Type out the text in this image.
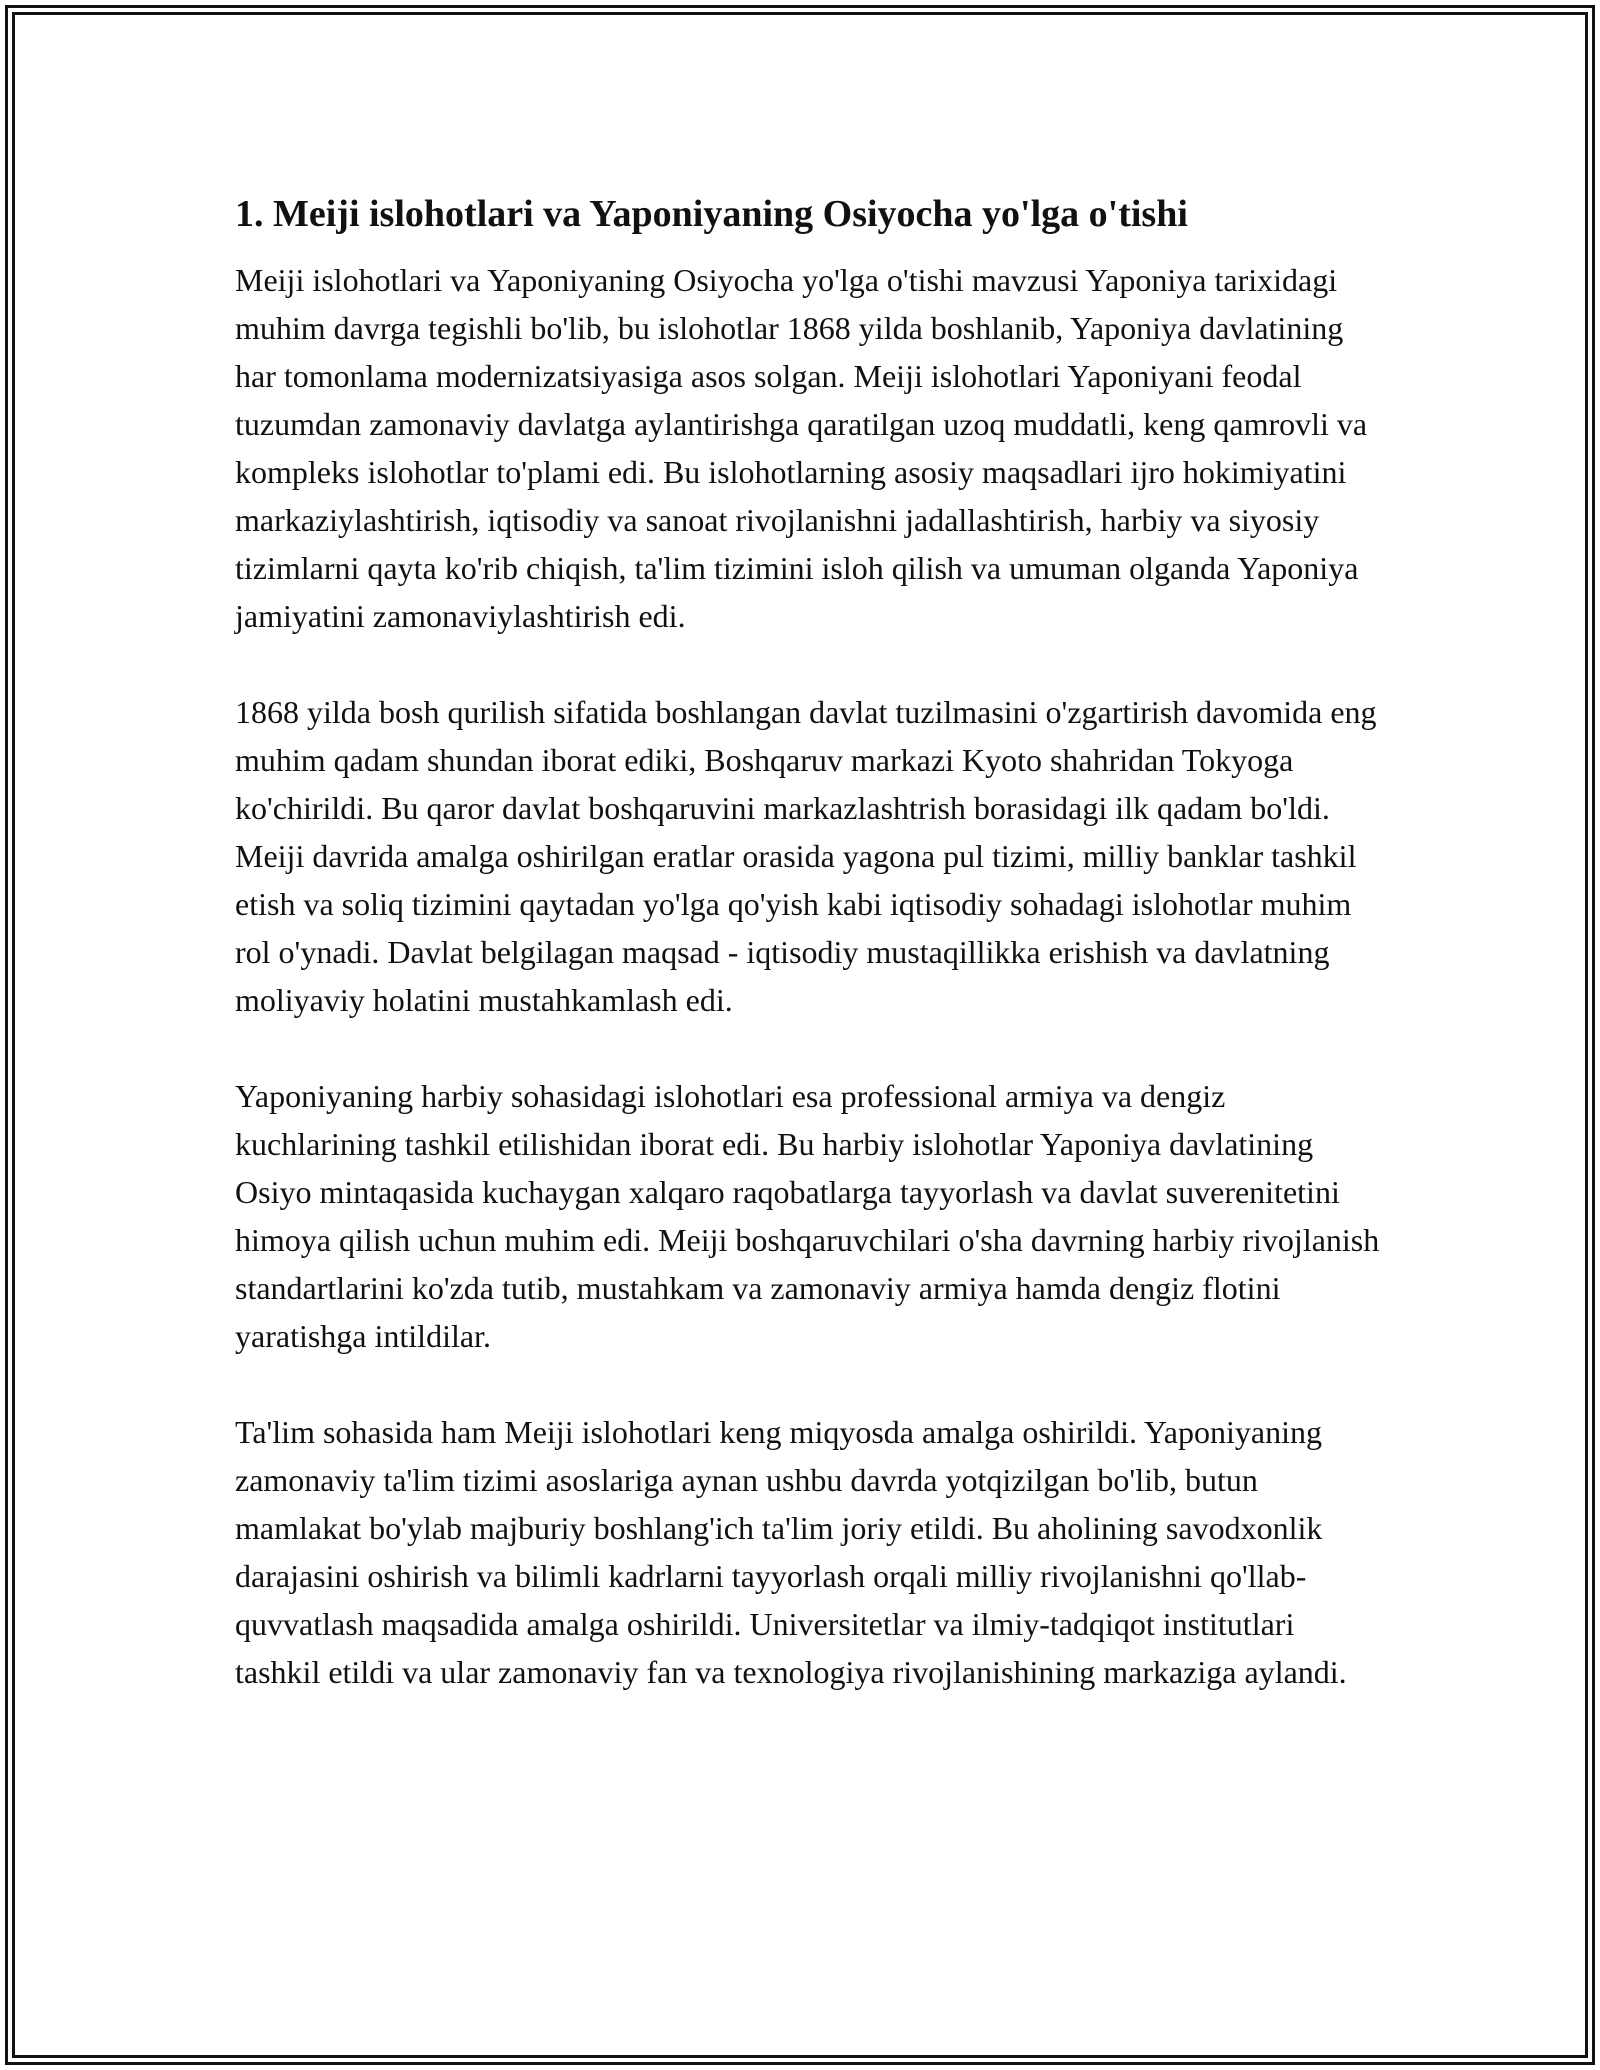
1. Meiji islohotlari va Yaponiyaning Osiyocha yo'lga o'tishi

Meiji islohotlari va Yaponiyaning Osiyocha yo'lga o'tishi mavzusi Yaponiya tarixidagi muhim davrga tegishli bo'lib, bu islohotlar 1868 yilda boshlanib, Yaponiya davlatining har tomonlama modernizatsiyasiga asos solgan. Meiji islohotlari Yaponiyani feodal tuzumdan zamonaviy davlatga aylantirishga qaratilgan uzoq muddatli, keng qamrovli va kompleks islohotlar to'plami edi. Bu islohotlarning asosiy maqsadlari ijro hokimiyatini markaziylashtirish, iqtisodiy va sanoat rivojlanishni jadallashtirish, harbiy va siyosiy tizimlarni qayta ko'rib chiqish, ta'lim tizimini isloh qilish va umuman olganda Yaponiya jamiyatini zamonaviylashtirish edi.

1868 yilda bosh qurilish sifatida boshlangan davlat tuzilmasini o'zgartirish davomida eng muhim qadam shundan iborat ediki, Boshqaruv markazi Kyoto shahridan Tokyoga ko'chirildi. Bu qaror davlat boshqaruvini markazlashtrish borasidagi ilk qadam bo'ldi. Meiji davrida amalga oshirilgan eratlar orasida yagona pul tizimi, milliy banklar tashkil etish va soliq tizimini qaytadan yo'lga qo'yish kabi iqtisodiy sohadagi islohotlar muhim rol o'ynadi. Davlat belgilagan maqsad - iqtisodiy mustaqillikka erishish va davlatning moliyaviy holatini mustahkamlash edi.

Yaponiyaning harbiy sohasidagi islohotlari esa professional armiya va dengiz kuchlarining tashkil etilishidan iborat edi. Bu harbiy islohotlar Yaponiya davlatining Osiyo mintaqasida kuchaygan xalqaro raqobatlarga tayyorlash va davlat suverenitetini himoya qilish uchun muhim edi. Meiji boshqaruvchilari o'sha davrning harbiy rivojlanish standartlarini ko'zda tutib, mustahkam va zamonaviy armiya hamda dengiz flotini yaratishga intildilar.

Ta'lim sohasida ham Meiji islohotlari keng miqyosda amalga oshirildi. Yaponiyaning zamonaviy ta'lim tizimi asoslariga aynan ushbu davrda yotqizilgan bo'lib, butun mamlakat bo'ylab majburiy boshlang'ich ta'lim joriy etildi. Bu aholining savodxonlik darajasini oshirish va bilimli kadrlarni tayyorlash orqali milliy rivojlanishni qo'llab-quvvatlash maqsadida amalga oshirildi. Universitetlar va ilmiy-tadqiqot institutlari tashkil etildi va ular zamonaviy fan va texnologiya rivojlanishining markaziga aylandi.
